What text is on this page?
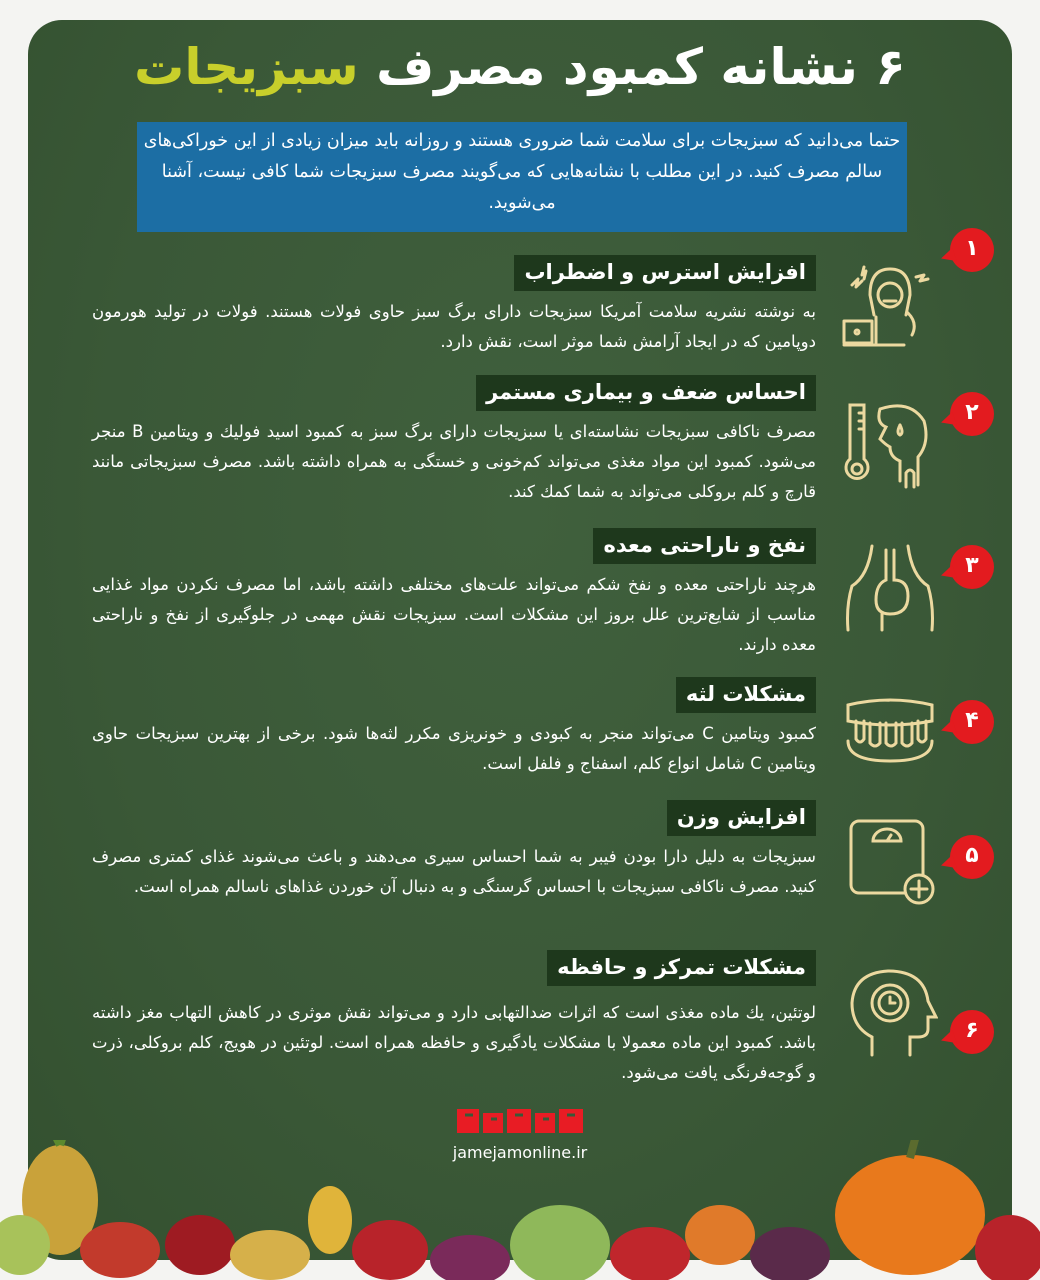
۶ نشانه کمبود مصرف سبزیجات
حتما می‌دانید که سبزیجات برای سلامت شما ضروری هستند و روزانه باید میزان زیادی از این خوراکی‌های سالم مصرف کنید. در این مطلب با نشانه‌هایی که می‌گویند مصرف سبزیجات شما کافی نیست، آشنا می‌شوید.
افزایش استرس و اضطراب

به نوشته نشریه سلامت آمریکا سبزیجات دارای برگ سبز حاوی فولات هستند. فولات در تولید هورمون دوپامین که در ایجاد آرامش شما موثر است، نقش دارد.

احساس ضعف و بیماری مستمر

مصرف ناکافی سبزیجات نشاسته‌ای یا سبزیجات دارای برگ سبز به کمبود اسید فولیك و ویتامین B منجر می‌شود. کمبود این مواد مغذی می‌تواند کم‌خونی و خستگی به همراه داشته باشد. مصرف سبزیجاتی مانند قارچ و کلم بروکلی می‌تواند به شما کمك کند.

نفخ و ناراحتی معده

هرچند ناراحتی معده و نفخ شکم می‌تواند علت‌های مختلفی داشته باشد، اما مصرف نکردن مواد غذایی مناسب از شایع‌ترین علل بروز این مشکلات است. سبزیجات نقش مهمی در جلوگیری از نفخ و ناراحتی معده دارند.

مشکلات لثه

کمبود ویتامین C می‌تواند منجر به کبودی و خونریزی مکرر لثه‌ها شود. برخی از بهترین سبزیجات حاوی ویتامین C شامل انواع کلم، اسفناج و فلفل است.

افزایش وزن

سبزیجات به دلیل دارا بودن فیبر به شما احساس سیری می‌دهند و باعث می‌شوند غذای کمتری مصرف کنید. مصرف ناکافی سبزیجات با احساس گرسنگی و به دنبال آن خوردن غذاهای ناسالم همراه است.

مشکلات تمرکز و حافظه

لوتئین، یك ماده مغذی است که اثرات ضدالتهابی دارد و می‌تواند نقش موثری در کاهش التهاب مغز داشته باشد. کمبود این ماده معمولا با مشکلات یادگیری و حافظه همراه است. لوتئین در هویج، کلم بروکلی، ذرت و گوجه‌فرنگی یافت می‌شود.

۱
۲
۳
۴
۵
۶
jamejamonline.ir
